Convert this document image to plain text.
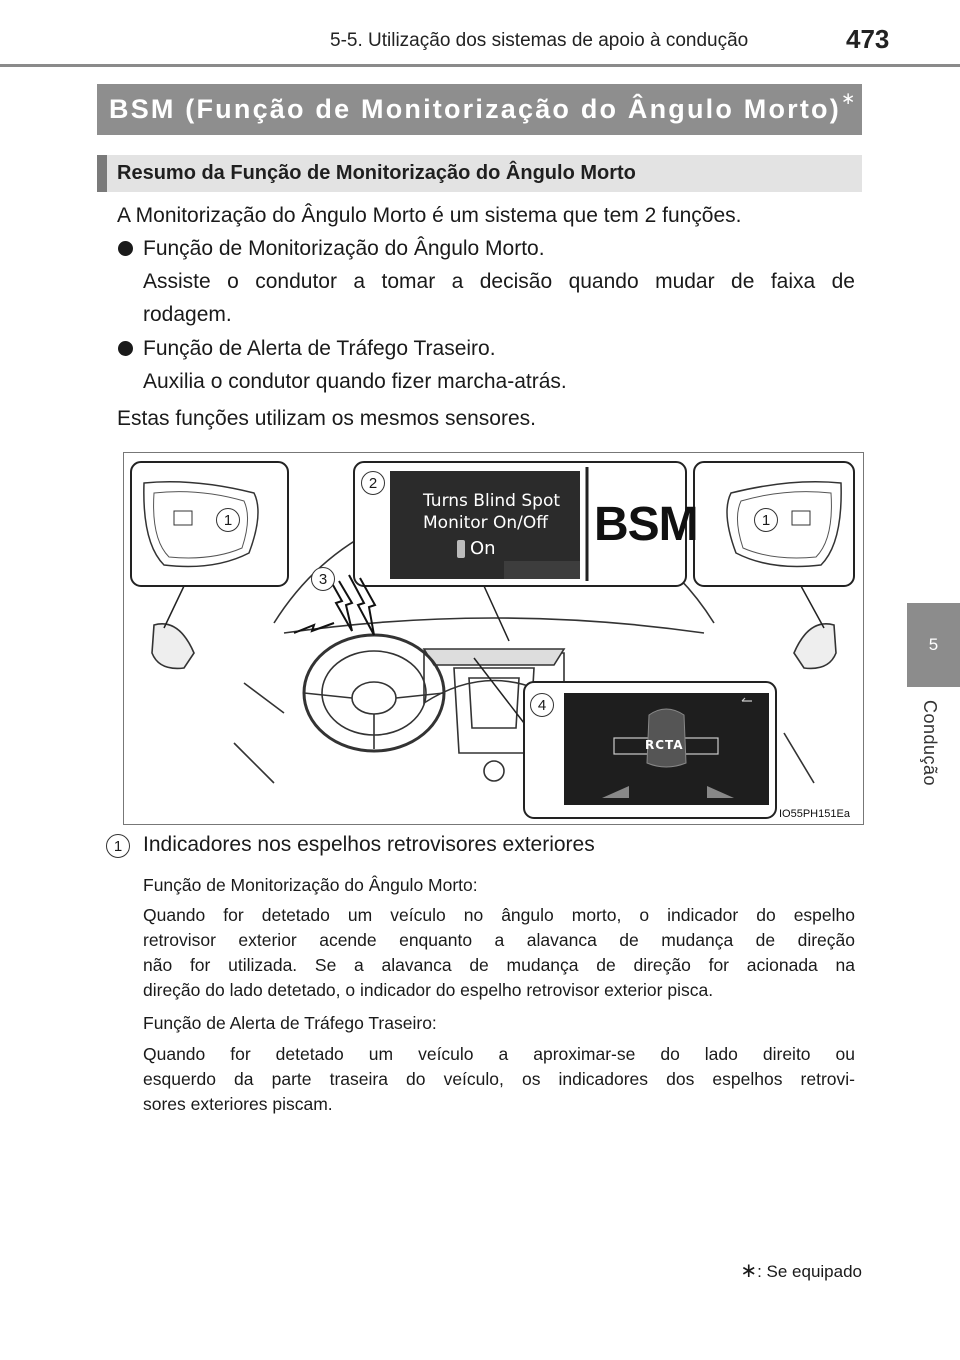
5-5. Utilização dos sistemas de apoio à condução	473
5
Condução
BSM (Função de Monitorização do Ângulo Morto)∗
Resumo da Função de Monitorização do Ângulo Morto
A Monitorização do Ângulo Morto é um sistema que tem 2 funções.
Função de Monitorização do Ângulo Morto.
Assiste o condutor a tomar a decisão quando mudar de faixa de
rodagem.
Função de Alerta de Tráfego Traseiro.
Auxilia o condutor quando fizer marcha-atrás.
Estas funções utilizam os mesmos sensores.
Turns Blind Spot
Monitor On/Off
On BSM
RCTA
IO55PH151Ea
1
2
3
1
4
1 Indicadores nos espelhos retrovisores exteriores
Função de Monitorização do Ângulo Morto:
Quando for detetado um veículo no ângulo morto, o indicador do espelho
retrovisor exterior acende enquanto a alavanca de mudança de direção
não for utilizada. Se a alavanca de mudança de direção for acionada na
direção do lado detetado, o indicador do espelho retrovisor exterior pisca.
Função de Alerta de Tráfego Traseiro:
Quando for detetado um veículo a aproximar-se do lado direito ou
esquerdo da parte traseira do veículo, os indicadores dos espelhos retrovi-
sores exteriores piscam.
∗: Se equipado
